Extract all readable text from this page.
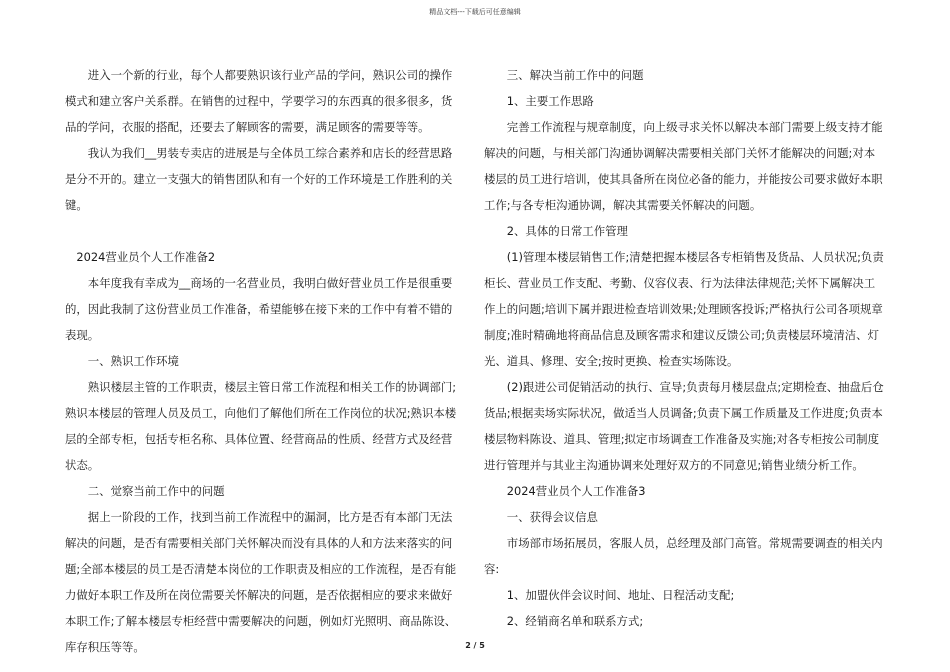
精品文档---下载后可任意编辑

进入一个新的行业，每个人都要熟识该行业产品的学问，熟识公司的操作模式和建立客户关系群。在销售的过程中，学要学习的东西真的很多很多，货品的学问，衣服的搭配，还要去了解顾客的需要，满足顾客的需要等等。

我认为我们__男装专卖店的进展是与全体员工综合素养和店长的经营思路是分不开的。建立一支强大的销售团队和有一个好的工作环境是工作胜利的关键。

2024营业员个人工作准备2

本年度我有幸成为__商场的一名营业员，我明白做好营业员工作是很重要的，因此我制了这份营业员工作准备，希望能够在接下来的工作中有着不错的表现。

一、熟识工作环境

熟识楼层主管的工作职责，楼层主管日常工作流程和相关工作的协调部门;熟识本楼层的管理人员及员工，向他们了解他们所在工作岗位的状况;熟识本楼层的全部专柜，包括专柜名称、具体位置、经营商品的性质、经营方式及经营状态。

二、觉察当前工作中的问题

据上一阶段的工作，找到当前工作流程中的漏洞，比方是否有本部门无法解决的问题，是否有需要相关部门关怀解决而没有具体的人和方法来落实的问题;全部本楼层的员工是否清楚本岗位的工作职责及相应的工作流程，是否有能力做好本职工作及所在岗位需要关怀解决的问题，是否依据相应的要求来做好本职工作;了解本楼层专柜经营中需要解决的问题，例如灯光照明、商品陈设、库存积压等等。

三、解决当前工作中的问题

1、主要工作思路

完善工作流程与规章制度，向上级寻求关怀以解决本部门需要上级支持才能解决的问题，与相关部门沟通协调解决需要相关部门关怀才能解决的问题;对本楼层的员工进行培训，使其具备所在岗位必备的能力，并能按公司要求做好本职工作;与各专柜沟通协调，解决其需要关怀解决的问题。

2、具体的日常工作管理

(1)管理本楼层销售工作;清楚把握本楼层各专柜销售及货品、人员状况;负责柜长、营业员工作支配、考勤、仪容仪表、行为法律法律规范;关怀下属解决工作上的问题;培训下属并跟进检查培训效果;处理顾客投诉;严格执行公司各项规章制度;准时精确地将商品信息及顾客需求和建议反馈公司;负责楼层环境清洁、灯光、道具、修理、安全;按时更换、检查实场陈设。

(2)跟进公司促销活动的执行、宣导;负责每月楼层盘点;定期检查、抽盘后仓货品;根据卖场实际状况，做适当人员调备;负责下属工作质量及工作进度;负责本楼层物料陈设、道具、管理;拟定市场调查工作准备及实施;对各专柜按公司制度进行管理并与其业主沟通协调来处理好双方的不同意见;销售业绩分析工作。

2024营业员个人工作准备3

一、获得会议信息

市场部市场拓展员，客服人员，总经理及部门高管。常规需要调查的相关内容:

1、加盟伙伴会议时间、地址、日程活动支配;

2、经销商名单和联系方式;

2 / 5
